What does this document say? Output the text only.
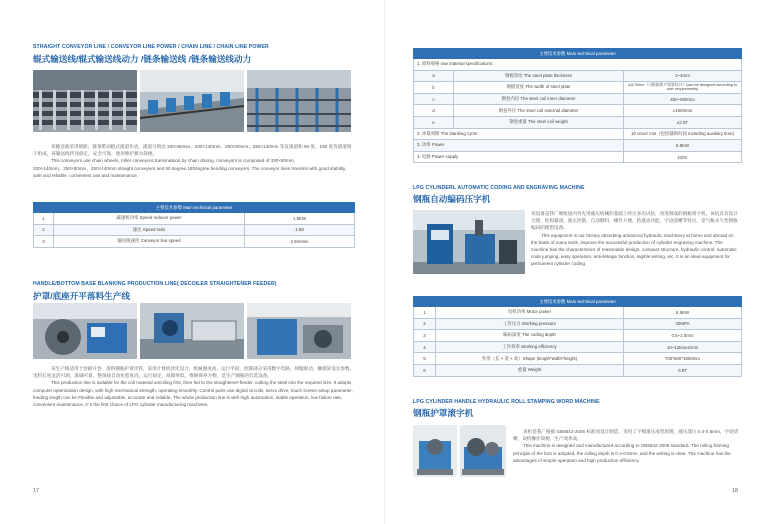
STRAIGHT CONVEYOR LINE / CONVEYOR LINE POWER / CHAIN LINE / CHAIN LINE POWER
辊式输送线/辊式输送线动力 /链条输送线 /链条输送线动力

该输送液采用链轮、链条带动辊式滚道作动，滚道分别由 330×80mm、330×140mm、250×80mm、250×140mm 等直滚道和 90 度、180 度弯滚道组干组成，该输送线传送稳定，安全可靠，使用维护极为简便。

This conveyors use chain wheels, roller conveyors transmission by chain driving, conveyors is composed of 330×80mm,

330×140mm、250×80mm、250×140mm straight conveyors and 90 degree,180degree bending conveyors. The conveyor lines transmit with good stability, safe and reliable, convenient use and maintenance.

主要技术参数 Main technical parameter		
1	减速机功率 Speed reducer power	1.5KW
2	速比 Speed ratio	1:59
3	输送线速度 Conveyor line speed	2.9m/min
HANDLE/BOTTOM BASE BLANKING PRODUCTION LINE( DECOILER STRAIGHTENER FEEDER)
护罩/底座开平落料生产线

该生产线适用于卷板开卷，落料钢瓶护罩坯料，采用计算机优化设计，机械强度高，运行平稳，控制部分采用数字电路，伺服驱动，触摸屏设定参数，送料长度灵活可调，准确可靠，整条线自动化程度高，运行稳定，故障率低，维修保养方便，是生产钢瓶的首选设备。

This production line is suitable for the coil material uncoiling first, then fed to the straightener-feeder, cutting the steel into the required size. It adopts computer optimization design, with high mechanical strength, operating smoothly. Control parts use digital circuits, servo drive, touch screen setup parameter, feeding length can be Flexible and adjustable, accurate and reliable. The whole production line is with high automation, stable operation, low failure rate, convenient maintenance, it' s the first choice of LPG cylinder manufacturing machines.

17
主要技术参数 Main technical parameter		
1. 原料规格 raw material specifications：		
a	钢板厚度 The steel plate thickness	2~4mm
b	钢板宽度 The width of steel plate	≤1170mm（可根据用户需要设计）(can be designed according to user requirements)
c	钢卷内径 The steel coil inner diameter	450~800mm
d	钢卷外径 The steel coil external diameter	≤1600mm
e	钢卷重量 The steel coil weight	≤2.5T
2. 冲裁周期 The blanking cycle：		10 once/ min（包括辅助时间 Including auxiliary time)
3. 功率 Power		5.5KW
4. 电源 Power supply		220V
LPG CYLINDERL AUTOMATIC CODING AND ENGRAVING MACHINE
钢瓶自动编码压字机

该设备是我厂吸收国内外先进液压机械的基础上经历多次试验，改进制成的钢瓶刻字机。该机具有设计合理，结构紧凑，液压控制，自动倒料，操作方便，防逃动功能，字迹清晰等特点，是气瓶永久性钢瓶编码的理想设备。

This equipment is our factory absorbing advanced hydraulic machinery at home and abroad on the basis of many tests, improve the successful production of cylinder engraving machine. The machine has the characteristics of reasonable design, compact structure, hydraulic control, automatic code jumping, easy operation, anti-linkage function, legible writing, etc. It is an ideal equipment for permanent cylinder coding.

主要技术参数 Main technical parameter		
1	电机功率 Motor power	5.5KW
2	工作压力 Working pressure	20MPA
3	编码深度 The coding depth	0.5~1.0mm
4	工作效率 Working efficiency	10~12times/min
5	外形（长 × 宽 × 高）Shape (length*width*height)	700*600*1800mm
6	重量 Weight	0.8T
LPG CYLINDER HANDLE HYDRAULIC ROLL STAMPING WORD MACHINE
钢瓶护罩滚字机

该机是我厂根据 GB5842-2006 标准而设计制造，采用了字模滚压成型原理，液压深压 0.4-0.8mm，字迹清晰，该机操作简便，生产效率高。

This machine is designed and manufactured according to GB5842-2006 standard. The rolling forming principle of the font is adopted, the rolling depth is 0.4-0.8mm, and the writing is clear. The machine has the advantages of simple operation and high production efficiency.

18
